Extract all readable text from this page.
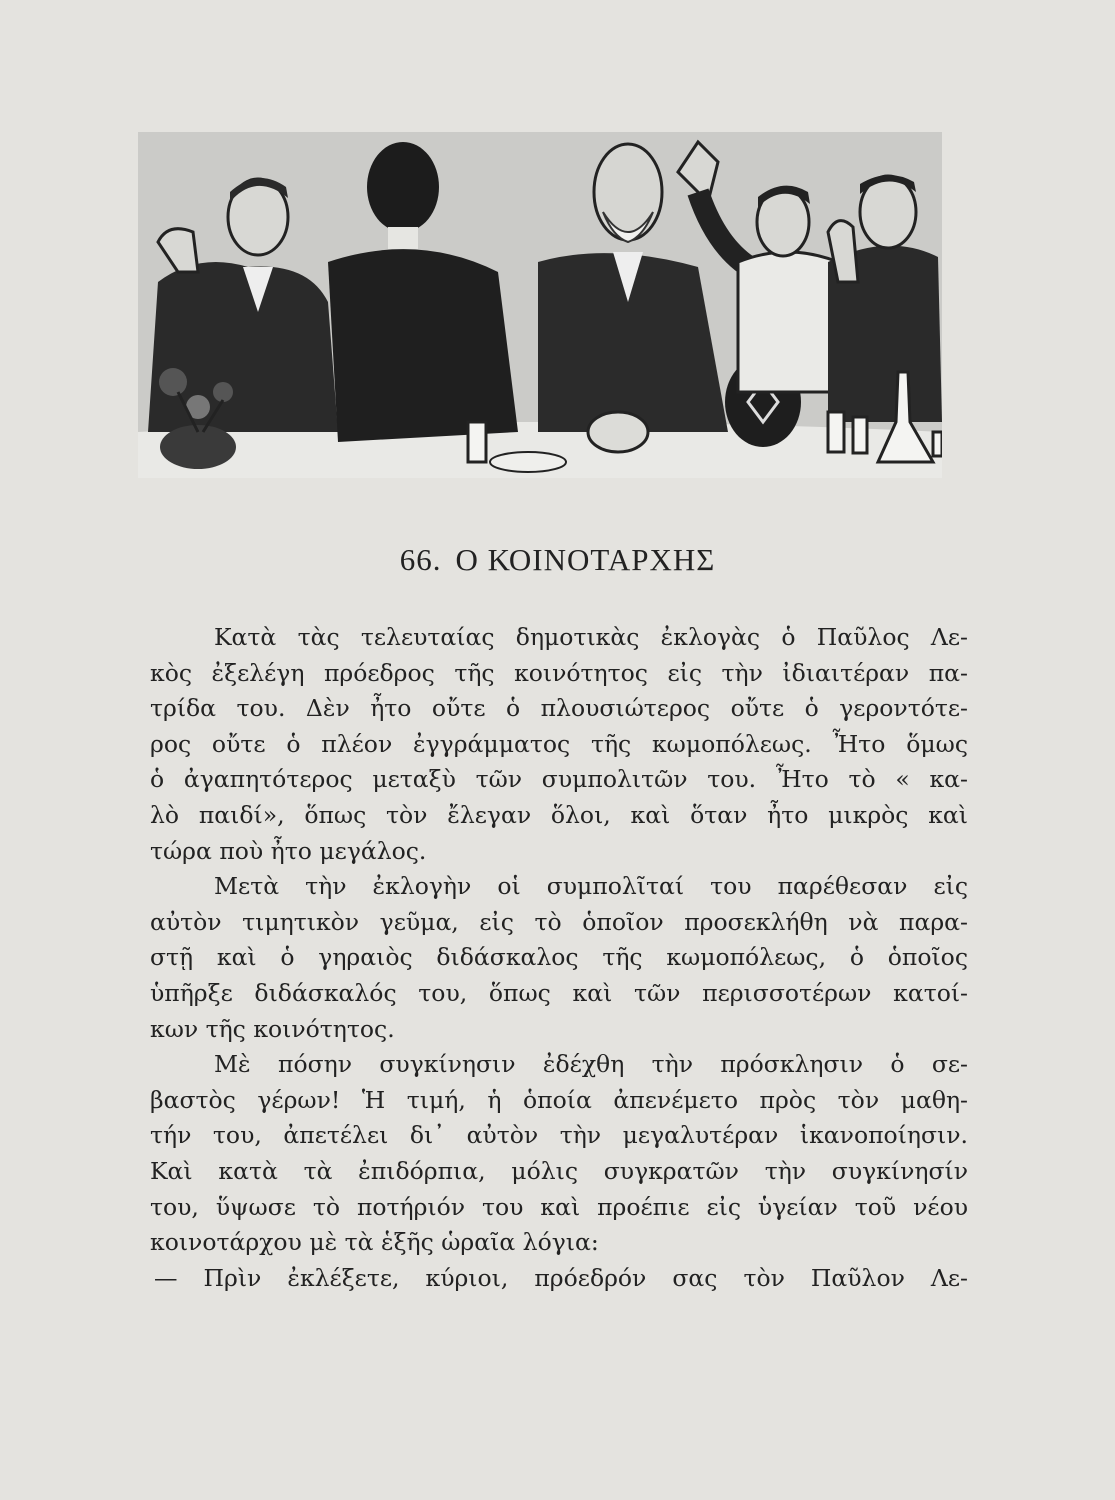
66. Ο ΚΟΙΝΟΤΑΡΧΗΣ
Κατὰ τὰς τελευταίας δημοτικὰς ἐκλογὰς ὁ Παῦλος Λε-
κὸς ἐξελέγη πρόεδρος τῆς κοινότητος εἰς τὴν ἰδιαιτέραν πα-
τρίδα του. Δὲν ἦτο οὔτε ὁ πλουσιώτερος οὔτε ὁ γεροντότε-
ρος οὔτε ὁ πλέον ἐγγράμματος τῆς κωμοπόλεως. Ἦτο ὅμως
ὁ ἀγαπητότερος μεταξὺ τῶν συμπολιτῶν του. Ἦτο τὸ « κα-
λὸ παιδί», ὅπως τὸν ἔλεγαν ὅλοι, καὶ ὅταν ἦτο μικρὸς καὶ
τώρα ποὺ ἦτο μεγάλος.
Μετὰ τὴν ἐκλογὴν οἱ συμπολῖταί του παρέθεσαν εἰς
αὐτὸν τιμητικὸν γεῦμα, εἰς τὸ ὁποῖον προσεκλήθη νὰ παρα-
στῇ καὶ ὁ γηραιὸς διδάσκαλος τῆς κωμοπόλεως, ὁ ὁποῖος
ὑπῆρξε διδάσκαλός του, ὅπως καὶ τῶν περισσοτέρων κατοί-
κων τῆς κοινότητος.
Μὲ πόσην συγκίνησιν ἐδέχθη τὴν πρόσκλησιν ὁ σε-
βαστὸς γέρων! Ἡ τιμή, ἡ ὁποία ἀπενέμετο πρὸς τὸν μαθη-
τήν του, ἀπετέλει δι᾽ αὐτὸν τὴν μεγαλυτέραν ἱκανοποίησιν.
Καὶ κατὰ τὰ ἐπιδόρπια, μόλις συγκρατῶν τὴν συγκίνησίν
του, ὕψωσε τὸ ποτήριόν του καὶ προέπιε εἰς ὑγείαν τοῦ νέου
κοινοτάρχου μὲ τὰ ἑξῆς ὡραῖα λόγια:
— Πρὶν ἐκλέξετε, κύριοι, πρόεδρόν σας τὸν Παῦλον Λε-
